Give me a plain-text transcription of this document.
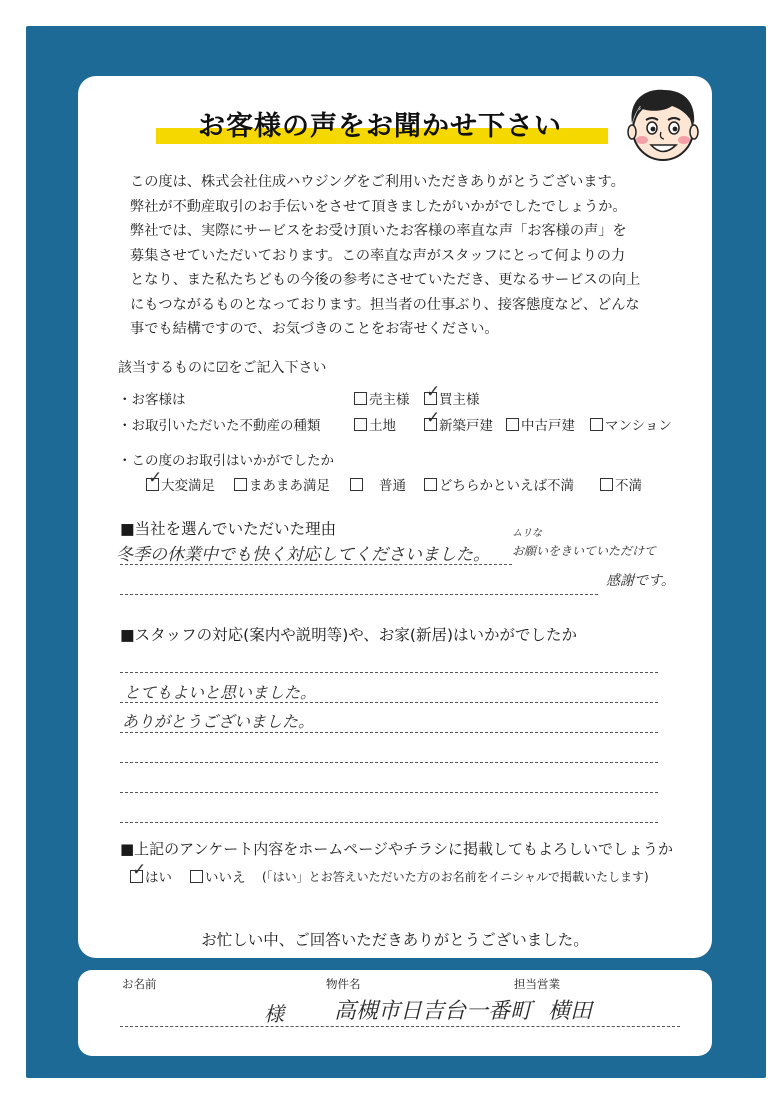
お客様の声をお聞かせ下さい
この度は、株式会社住成ハウジングをご利用いただきありがとうございます。
弊社が不動産取引のお手伝いをさせて頂きましたがいかがでしたでしょうか。
弊社では、実際にサービスをお受け頂いたお客様の率直な声「お客様の声」を
募集させていただいております。この率直な声がスタッフにとって何よりの力
となり、また私たちどもの今後の参考にさせていただき、更なるサービスの向上
にもつながるものとなっております。担当者の仕事ぶり、接客態度など、どんな
事でも結構ですので、お気づきのことをお寄せください。
該当するものに☑をご記入下さい
・お客様は	売主様 ✓
買主様
・お取引いただいた不動産の種類	土地 ✓
新築戸建 中古戸建 マンション
・この度のお取引はいかがでしたか
✓
大変満足	まあまあ満足	普通 どちらかといえば不満	不満
■当社を選んでいただいた理由
冬季の休業中でも快く対応してくださいました。
ムリな
お願いをきいていただけて
感謝です。
■スタッフの対応(案内や説明等)や、お家(新居)はいかがでしたか
とてもよいと思いました。
ありがとうございました。
■上記のアンケート内容をホームページやチラシに掲載してもよろしいでしょうか
✓
はい いいえ (「はい」とお答えいただいた方のお名前をイニシャルで掲載いたします)
お忙しい中、ご回答いただきありがとうございました。
お名前	物件名	担当営業
様 高槻市日吉台一番町 横田
